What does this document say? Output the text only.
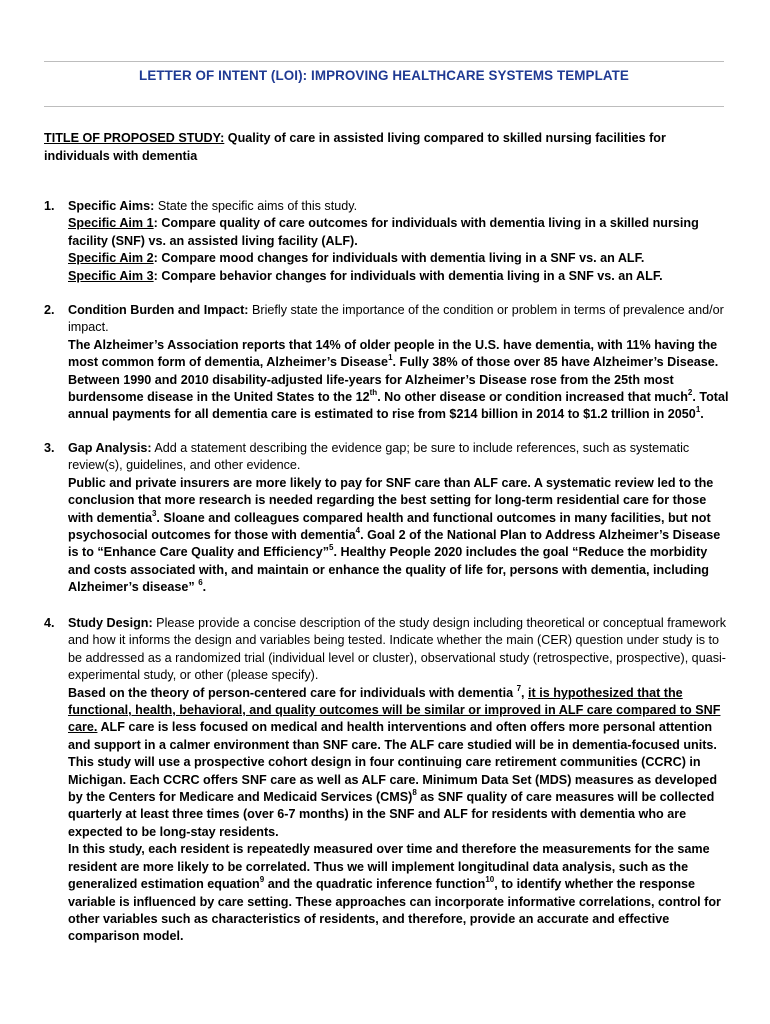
LETTER OF INTENT (LOI): IMPROVING HEALTHCARE SYSTEMS TEMPLATE
TITLE OF PROPOSED STUDY: Quality of care in assisted living compared to skilled nursing facilities for individuals with dementia
1. Specific Aims: State the specific aims of this study.

Specific Aim 1: Compare quality of care outcomes for individuals with dementia living in a skilled nursing facility (SNF) vs. an assisted living facility (ALF).

Specific Aim 2: Compare mood changes for individuals with dementia living in a SNF vs. an ALF.

Specific Aim 3: Compare behavior changes for individuals with dementia living in a SNF vs. an ALF.

2. Condition Burden and Impact: Briefly state the importance of the condition or problem in terms of prevalence and/or impact.

The Alzheimer’s Association reports that 14% of older people in the U.S. have dementia, with 11% having the most common form of dementia, Alzheimer’s Disease$^1$. Fully 38% of those over 85 have Alzheimer’s Disease. Between 1990 and 2010 disability-adjusted life-years for Alzheimer’s Disease rose from the 25th most burdensome disease in the United States to the 12th. No other disease or condition increased that much$^2$. Total annual payments for all dementia care is estimated to rise from $214 billion in 2014 to $1.2 trillion in 2050$^1$.

3. Gap Analysis: Add a statement describing the evidence gap; be sure to include references, such as systematic review(s), guidelines, and other evidence.

Public and private insurers are more likely to pay for SNF care than ALF care. A systematic review led to the conclusion that more research is needed regarding the best setting for long-term residential care for those with dementia$^3$. Sloane and colleagues compared health and functional outcomes in many facilities, but not psychosocial outcomes for those with dementia$^4$. Goal 2 of the National Plan to Address Alzheimer’s Disease is to “Enhance Care Quality and Efficiency”$^5$. Healthy People 2020 includes the goal “Reduce the morbidity and costs associated with, and maintain or enhance the quality of life for, persons with dementia, including Alzheimer’s disease” $^6$.

4. Study Design: Please provide a concise description of the study design including theoretical or conceptual framework and how it informs the design and variables being tested. Indicate whether the main (CER) question under study is to be addressed as a randomized trial (individual level or cluster), observational study (retrospective, prospective), quasi-experimental study, or other (please specify).

Based on the theory of person-centered care for individuals with dementia $^7$, it is hypothesized that the functional, health, behavioral, and quality outcomes will be similar or improved in ALF care compared to SNF care. ALF care is less focused on medical and health interventions and often offers more personal attention and support in a calmer environment than SNF care. The ALF care studied will be in dementia-focused units.

This study will use a prospective cohort design in four continuing care retirement communities (CCRC) in Michigan. Each CCRC offers SNF care as well as ALF care. Minimum Data Set (MDS) measures as developed by the Centers for Medicare and Medicaid Services (CMS)$^8$ as SNF quality of care measures will be collected quarterly at least three times (over 6-7 months) in the SNF and ALF for residents with dementia who are expected to be long-stay residents.

In this study, each resident is repeatedly measured over time and therefore the measurements for the same resident are more likely to be correlated. Thus we will implement longitudinal data analysis, such as the generalized estimation equation$^9$ and the quadratic inference function$^{10}$, to identify whether the response variable is influenced by care setting. These approaches can incorporate informative correlations, control for other variables such as characteristics of residents, and therefore, provide an accurate and effective comparison model.
